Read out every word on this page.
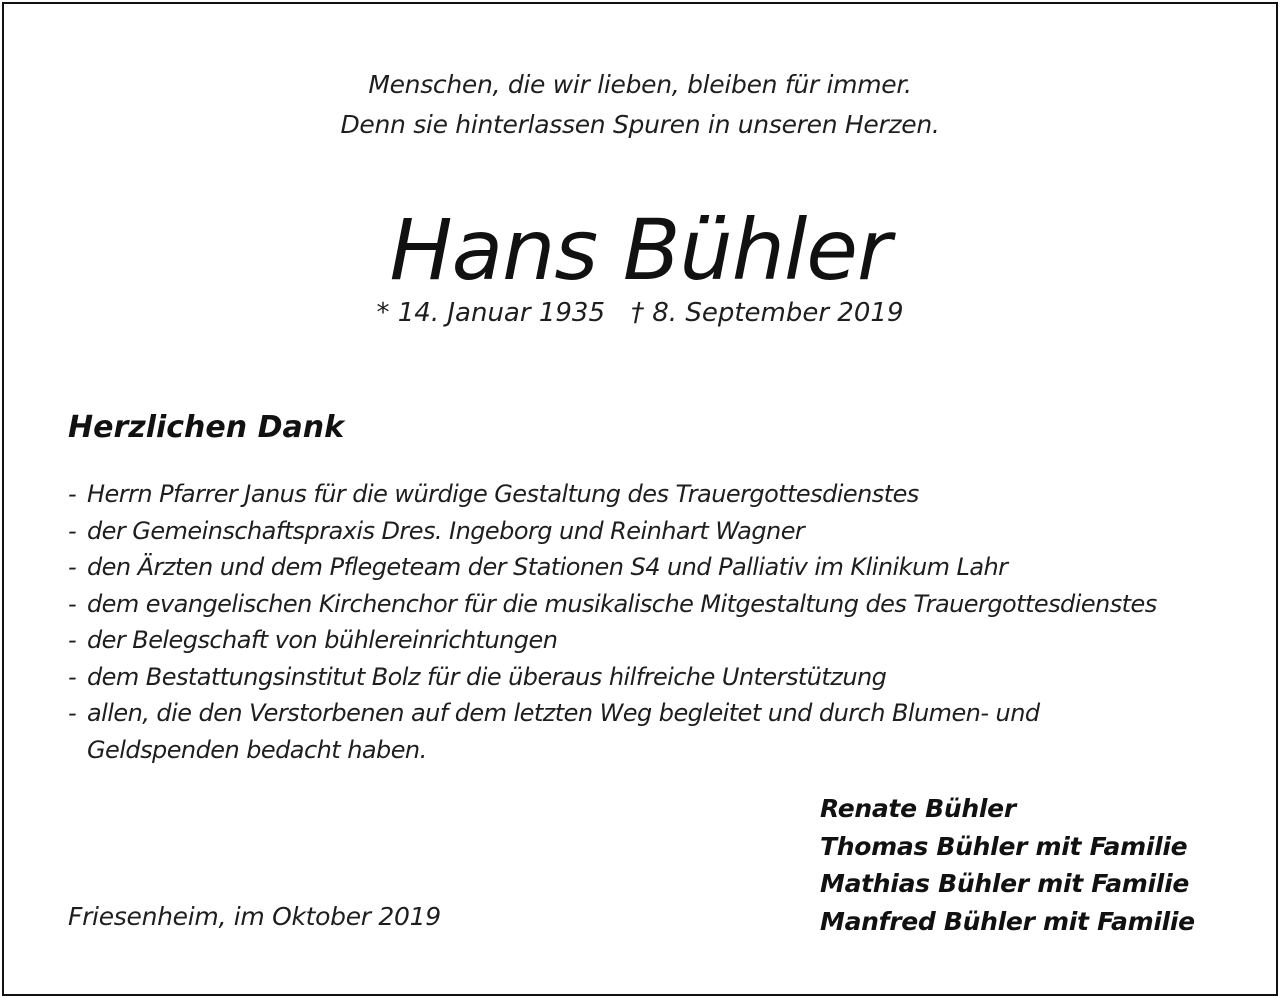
Menschen, die wir lieben, bleiben für immer.
Denn sie hinterlassen Spuren in unseren Herzen.
Hans Bühler
* 14. Januar 1935 † 8. September 2019
Herzlichen Dank
- Herrn Pfarrer Janus für die würdige Gestaltung des Trauergottesdienstes
- der Gemeinschaftspraxis Dres. Ingeborg und Reinhart Wagner
- den Ärzten und dem Pflegeteam der Stationen S4 und Palliativ im Klinikum Lahr
- dem evangelischen Kirchenchor für die musikalische Mitgestaltung des Trauergottesdienstes
- der Belegschaft von bühlereinrichtungen
- dem Bestattungsinstitut Bolz für die überaus hilfreiche Unterstützung
- allen, die den Verstorbenen auf dem letzten Weg begleitet und durch Blumen- und
Geldspenden bedacht haben.
Friesenheim, im Oktober 2019
Renate Bühler
Thomas Bühler mit Familie
Mathias Bühler mit Familie
Manfred Bühler mit Familie
